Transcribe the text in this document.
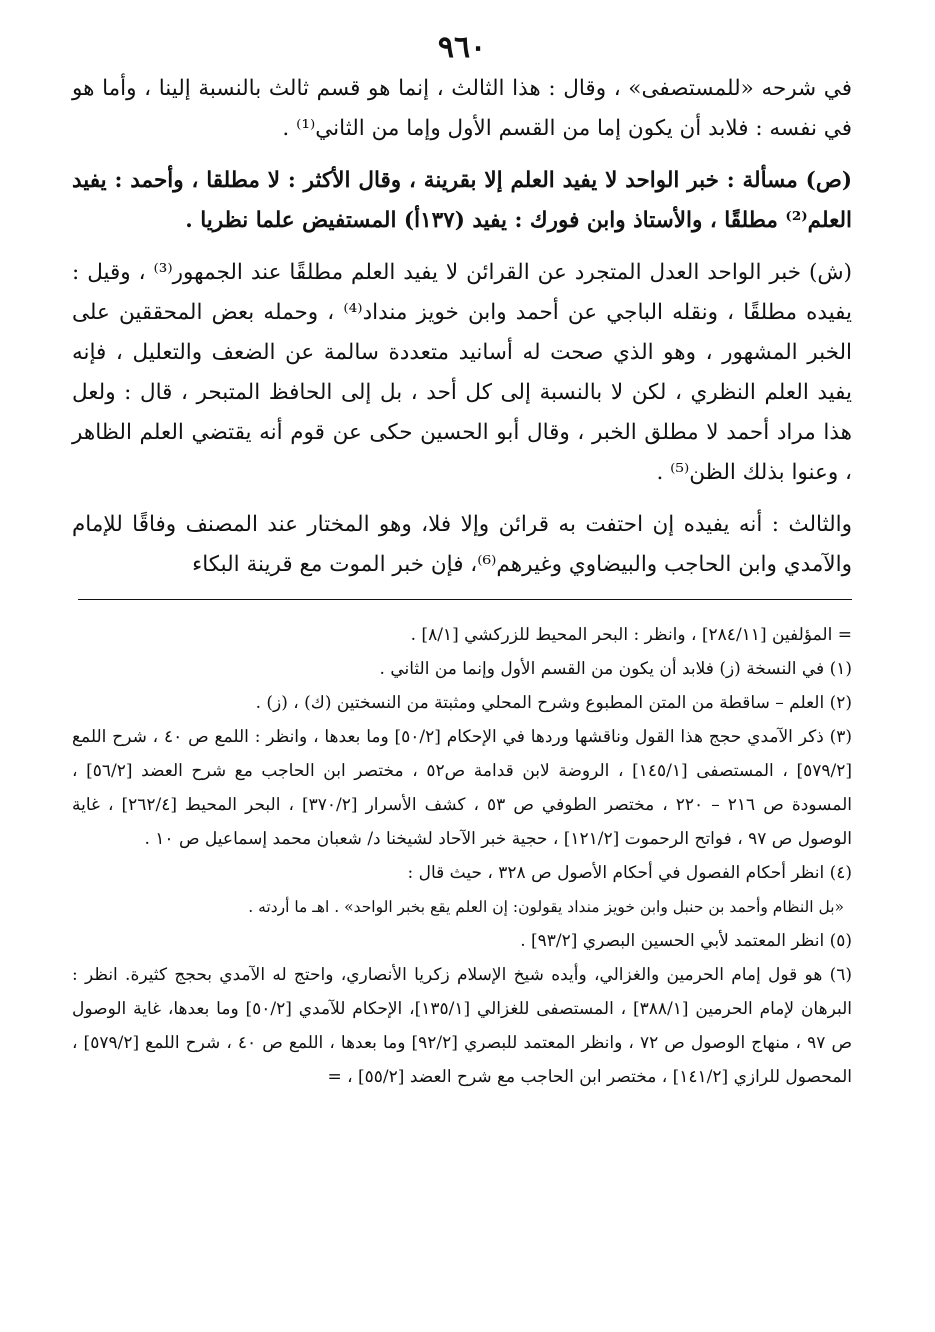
٩٦٠

في شرحه «للمستصفى» ، وقال : هذا الثالث ، إنما هو قسم ثالث بالنسبة إلينا ، وأما هو في نفسه : فلابد أن يكون إما من القسم الأول وإما من الثاني⁽¹⁾ .

(ص) مسألة : خبر الواحد لا يفيد العلم إلا بقرينة ، وقال الأكثر : لا مطلقا ، وأحمد : يفيد العلم⁽²⁾ مطلقًا ، والأستاذ وابن فورك : يفيد (١٣٧أ) المستفيض علما نظريا .

(ش) خبر الواحد العدل المتجرد عن القرائن لا يفيد العلم مطلقًا عند الجمهور⁽³⁾ ، وقيل : يفيده مطلقًا ، ونقله الباجي عن أحمد وابن خويز منداد⁽⁴⁾ ، وحمله بعض المحققين على الخبر المشهور ، وهو الذي صحت له أسانيد متعددة سالمة عن الضعف والتعليل ، فإنه يفيد العلم النظري ، لكن لا بالنسبة إلى كل أحد ، بل إلى الحافظ المتبحر ، قال : ولعل هذا مراد أحمد لا مطلق الخبر ، وقال أبو الحسين حكى عن قوم أنه يقتضي العلم الظاهر ، وعنوا بذلك الظن⁽⁵⁾ .

والثالث : أنه يفيده إن احتفت به قرائن وإلا فلا، وهو المختار عند المصنف وفاقًا للإمام والآمدي وابن الحاجب والبيضاوي وغيرهم⁽⁶⁾، فإن خبر الموت مع قرينة البكاء

= المؤلفين [٢٨٤/١١] ، وانظر : البحر المحيط للزركشي [٨/١] .

(١) في النسخة (ز) فلابد أن يكون من القسم الأول وإنما من الثاني .

(٢) العلم – ساقطة من المتن المطبوع وشرح المحلي ومثبتة من النسختين (ك) ، (ز) .

(٣) ذكر الآمدي حجج هذا القول وناقشها وردها في الإحكام [٥٠/٢] وما بعدها ، وانظر : اللمع ص ٤٠ ، شرح اللمع [٥٧٩/٢] ، المستصفى [١٤٥/١] ، الروضة لابن قدامة ص٥٢ ، مختصر ابن الحاجب مع شرح العضد [٥٦/٢] ، المسودة ص ٢١٦ – ٢٢٠ ، مختصر الطوفي ص ٥٣ ، كشف الأسرار [٣٧٠/٢] ، البحر المحيط [٢٦٢/٤] ، غاية الوصول ص ٩٧ ، فواتح الرحموت [١٢١/٢] ، حجية خبر الآحاد لشيخنا د/ شعبان محمد إسماعيل ص ١٠ .

(٤) انظر أحكام الفصول في أحكام الأصول ص ٣٢٨ ، حيث قال :

«بل النظام وأحمد بن حنبل وابن خويز منداد يقولون: إن العلم يقع بخبر الواحد» . اهـ ما أردته .

(٥) انظر المعتمد لأبي الحسين البصري [٩٣/٢] .

(٦) هو قول إمام الحرمين والغزالي، وأيده شيخ الإسلام زكريا الأنصاري، واحتج له الآمدي بحجج كثيرة. انظر : البرهان لإمام الحرمين [٣٨٨/١] ، المستصفى للغزالي [١٣٥/١]، الإحكام للآمدي [٥٠/٢] وما بعدها، غاية الوصول ص ٩٧ ، منهاج الوصول ص ٧٢ ، وانظر المعتمد للبصري [٩٢/٢] وما بعدها ، اللمع ص ٤٠ ، شرح اللمع [٥٧٩/٢] ، المحصول للرازي [١٤١/٢] ، مختصر ابن الحاجب مع شرح العضد [٥٥/٢] ، =
